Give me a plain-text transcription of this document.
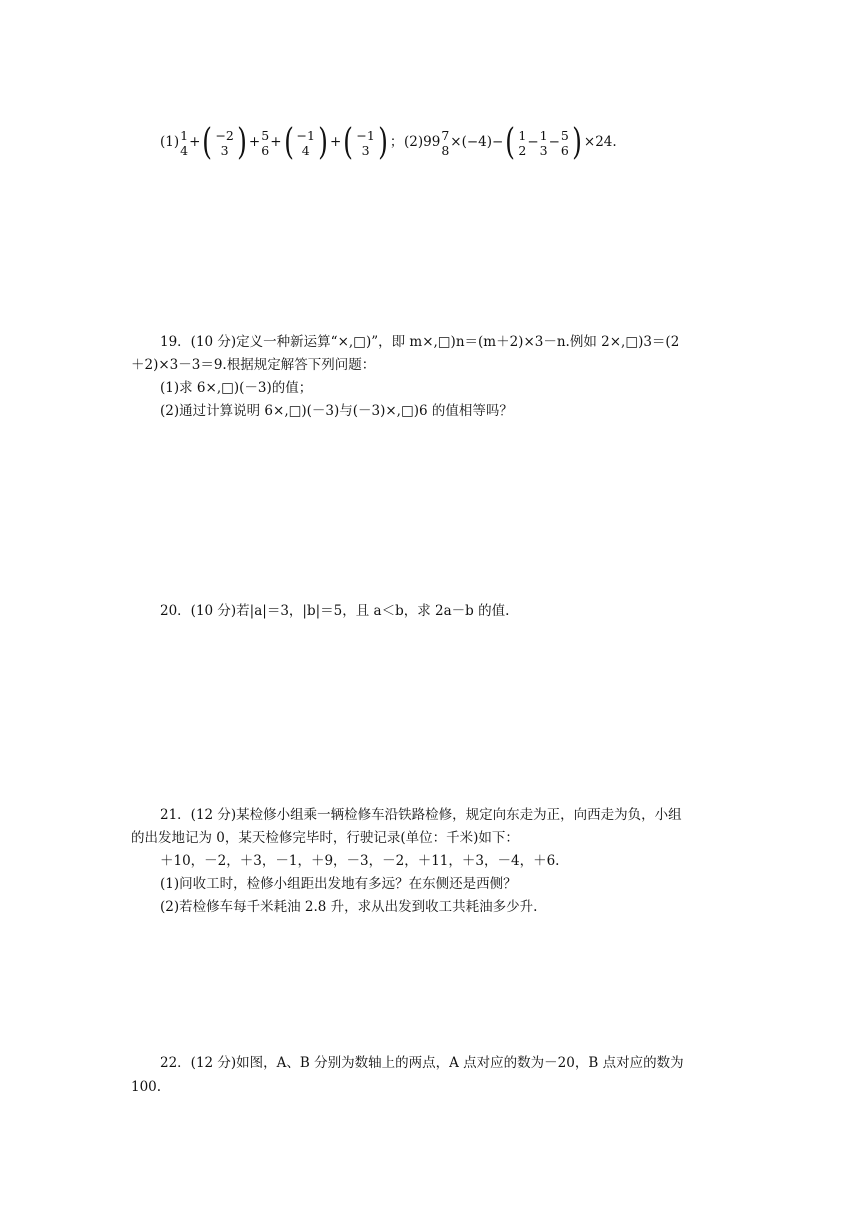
(1) 1
4 +( −2
3 ) + 5
6 +( −1
4 ) +( −1
3 ) ； (2)99 7
8 ×(−4)−( 1
2 − 1
3 − 5
6 ) ×24.
19．(10 分)定义一种新运算“×,□)”，即 m×,□)n＝(m＋2)×3－n.例如 2×,□)3＝(2
＋2)×3－3＝9.根据规定解答下列问题：
(1)求 6×,□)(－3)的值；
(2)通过计算说明 6×,□)(－3)与(－3)×,□)6 的值相等吗？
20．(10 分)若|a|＝3，|b|＝5，且 a＜b，求 2a－b 的值.
21．(12 分)某检修小组乘一辆检修车沿铁路检修，规定向东走为正，向西走为负，小组
的出发地记为 0，某天检修完毕时，行驶记录(单位：千米)如下：
＋10，－2，＋3，－1，＋9，－3，－2，＋11，＋3，－4，＋6.
(1)问收工时，检修小组距出发地有多远？在东侧还是西侧？
(2)若检修车每千米耗油 2.8 升，求从出发到收工共耗油多少升.
22．(12 分)如图，A、B 分别为数轴上的两点，A 点对应的数为－20，B 点对应的数为
100.
